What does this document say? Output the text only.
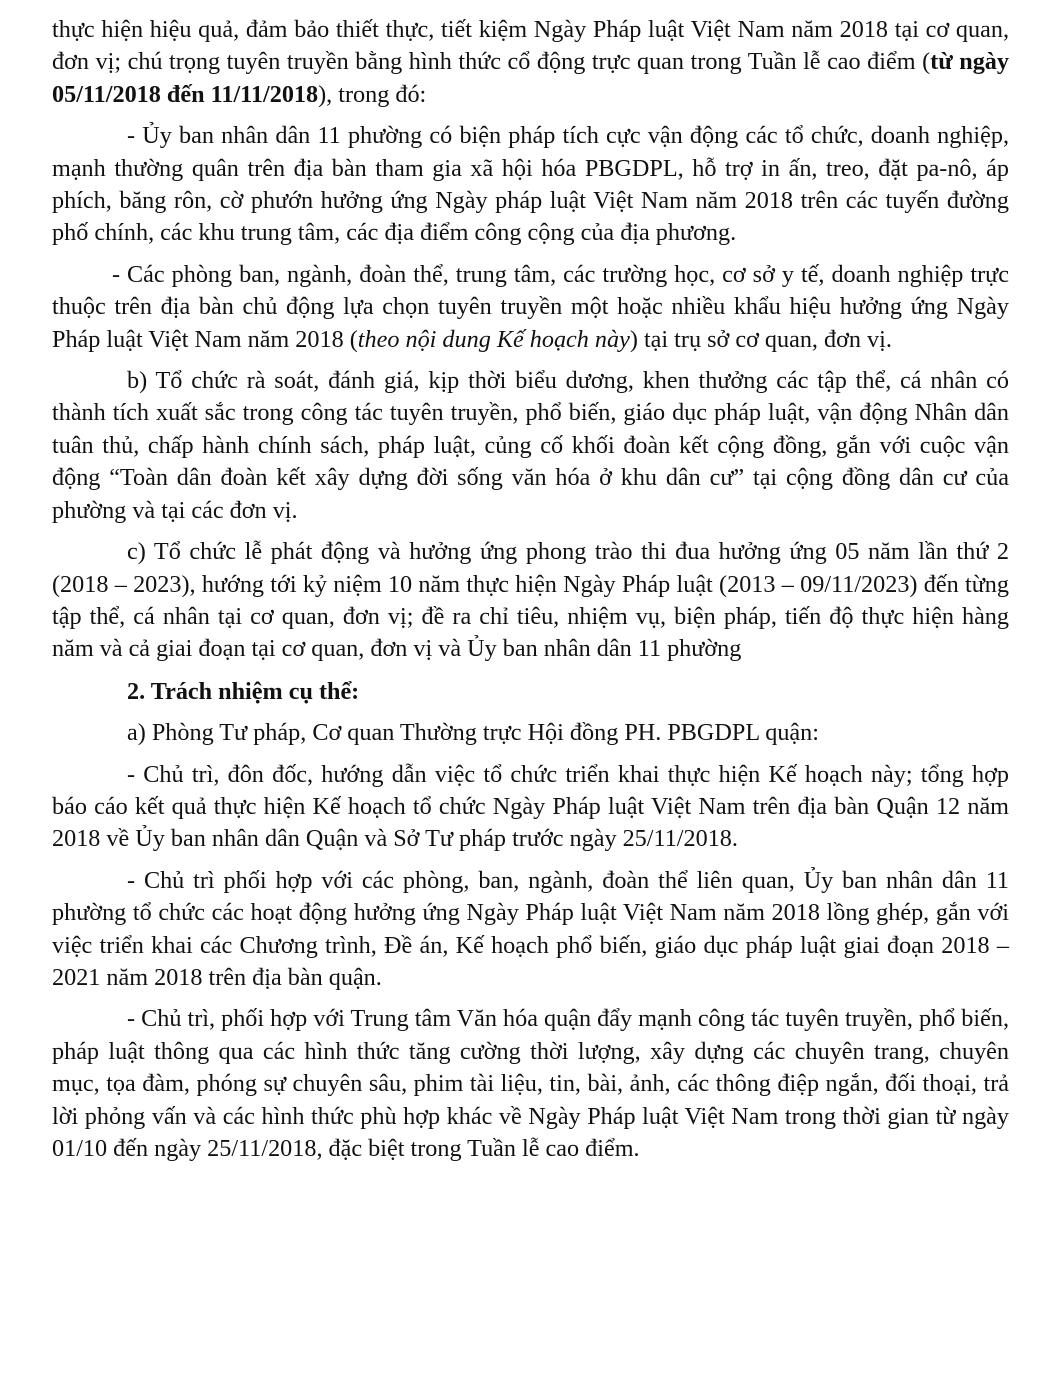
thực hiện hiệu quả, đảm bảo thiết thực, tiết kiệm Ngày Pháp luật Việt Nam năm 2018 tại cơ quan, đơn vị; chú trọng tuyên truyền bằng hình thức cổ động trực quan trong Tuần lễ cao điểm (từ ngày 05/11/2018 đến 11/11/2018), trong đó:

- Ủy ban nhân dân 11 phường có biện pháp tích cực vận động các tổ chức, doanh nghiệp, mạnh thường quân trên địa bàn tham gia xã hội hóa PBGDPL, hỗ trợ in ấn, treo, đặt pa-nô, áp phích, băng rôn, cờ phướn hưởng ứng Ngày pháp luật Việt Nam năm 2018 trên các tuyến đường phố chính, các khu trung tâm, các địa điểm công cộng của địa phương.

- Các phòng ban, ngành, đoàn thể, trung tâm, các trường học, cơ sở y tế, doanh nghiệp trực thuộc trên địa bàn chủ động lựa chọn tuyên truyền một hoặc nhiều khẩu hiệu hưởng ứng Ngày Pháp luật Việt Nam năm 2018 (theo nội dung Kế hoạch này) tại trụ sở cơ quan, đơn vị.

b) Tổ chức rà soát, đánh giá, kịp thời biểu dương, khen thưởng các tập thể, cá nhân có thành tích xuất sắc trong công tác tuyên truyền, phổ biến, giáo dục pháp luật, vận động Nhân dân tuân thủ, chấp hành chính sách, pháp luật, củng cố khối đoàn kết cộng đồng, gắn với cuộc vận động “Toàn dân đoàn kết xây dựng đời sống văn hóa ở khu dân cư” tại cộng đồng dân cư của phường và tại các đơn vị.

c) Tổ chức lễ phát động và hưởng ứng phong trào thi đua hưởng ứng 05 năm lần thứ 2 (2018 – 2023), hướng tới kỷ niệm 10 năm thực hiện Ngày Pháp luật (2013 – 09/11/2023) đến từng tập thể, cá nhân tại cơ quan, đơn vị; đề ra chỉ tiêu, nhiệm vụ, biện pháp, tiến độ thực hiện hàng năm và cả giai đoạn tại cơ quan, đơn vị và Ủy ban nhân dân 11 phường

2. Trách nhiệm cụ thể:

a) Phòng Tư pháp, Cơ quan Thường trực Hội đồng PH. PBGDPL quận:

- Chủ trì, đôn đốc, hướng dẫn việc tổ chức triển khai thực hiện Kế hoạch này; tổng hợp báo cáo kết quả thực hiện Kế hoạch tổ chức Ngày Pháp luật Việt Nam trên địa bàn Quận 12 năm 2018 về Ủy ban nhân dân Quận và Sở Tư pháp trước ngày 25/11/2018.

- Chủ trì phối hợp với các phòng, ban, ngành, đoàn thể liên quan, Ủy ban nhân dân 11 phường tổ chức các hoạt động hưởng ứng Ngày Pháp luật Việt Nam năm 2018 lồng ghép, gắn với việc triển khai các Chương trình, Đề án, Kế hoạch phổ biến, giáo dục pháp luật giai đoạn 2018 – 2021 năm 2018 trên địa bàn quận.

- Chủ trì, phối hợp với Trung tâm Văn hóa quận đẩy mạnh công tác tuyên truyền, phổ biến, pháp luật thông qua các hình thức tăng cường thời lượng, xây dựng các chuyên trang, chuyên mục, tọa đàm, phóng sự chuyên sâu, phim tài liệu, tin, bài, ảnh, các thông điệp ngắn, đối thoại, trả lời phỏng vấn và các hình thức phù hợp khác về Ngày Pháp luật Việt Nam trong thời gian từ ngày 01/10 đến ngày 25/11/2018, đặc biệt trong Tuần lễ cao điểm.
